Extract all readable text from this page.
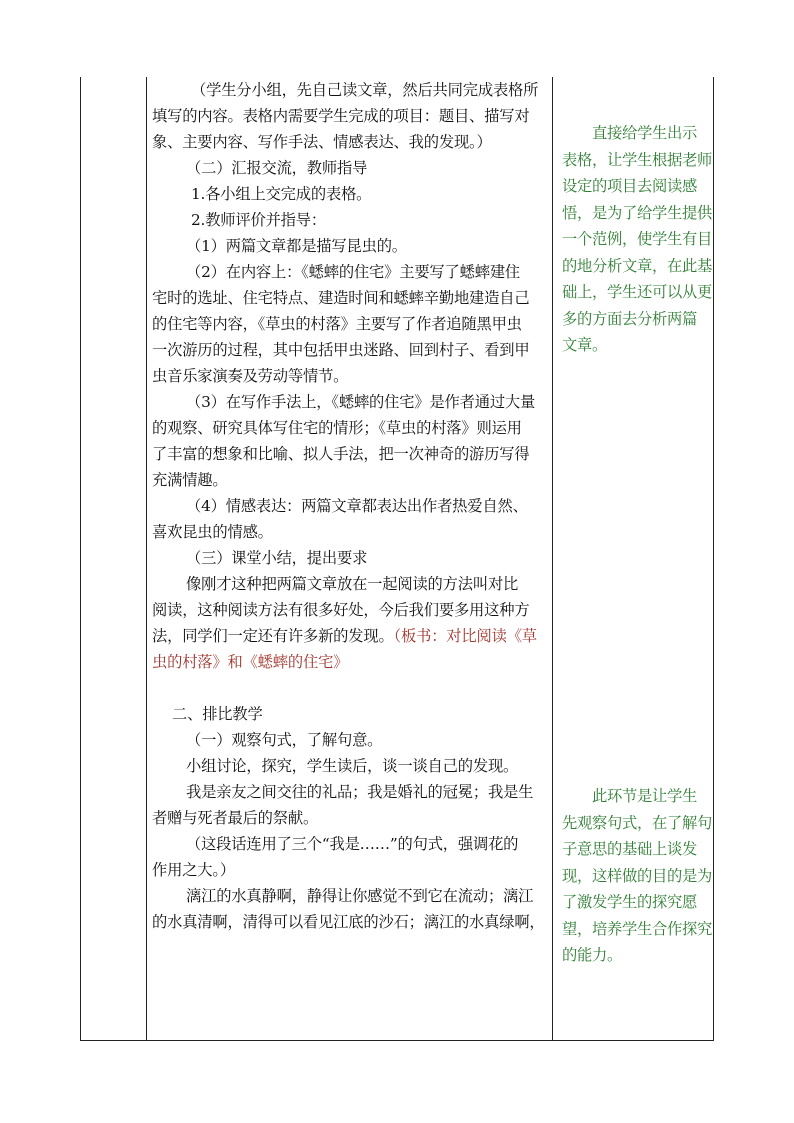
（学生分小组，先自己读文章，然后共同完成表格所

填写的内容。表格内需要学生完成的项目：题目、描写对

象、主要内容、写作手法、情感表达、我的发现。）

（二）汇报交流，教师指导

1.各小组上交完成的表格。

2.教师评价并指导：

（1）两篇文章都是描写昆虫的。

（2）在内容上：《蟋蟀的住宅》主要写了蟋蟀建住

宅时的选址、住宅特点、建造时间和蟋蟀辛勤地建造自己

的住宅等内容，《草虫的村落》主要写了作者追随黑甲虫

一次游历的过程，其中包括甲虫迷路、回到村子、看到甲

虫音乐家演奏及劳动等情节。

（3）在写作手法上，《蟋蟀的住宅》是作者通过大量

的观察、研究具体写住宅的情形；《草虫的村落》则运用

了丰富的想象和比喻、拟人手法，把一次神奇的游历写得

充满情趣。

（4）情感表达：两篇文章都表达出作者热爱自然、

喜欢昆虫的情感。

（三）课堂小结，提出要求

像刚才这种把两篇文章放在一起阅读的方法叫对比

阅读，这种阅读方法有很多好处，今后我们要多用这种方

法，同学们一定还有许多新的发现。（板书：对比阅读《草

虫的村落》和《蟋蟀的住宅》

二、排比教学

（一）观察句式，了解句意。

小组讨论，探究，学生读后，谈一谈自己的发现。

我是亲友之间交往的礼品；我是婚礼的冠冕；我是生

者赠与死者最后的祭献。

（这段话连用了三个“我是……”的句式，强调花的

作用之大。）

漓江的水真静啊，静得让你感觉不到它在流动；漓江

的水真清啊，清得可以看见江底的沙石；漓江的水真绿啊，

直接给学生出示

表格，让学生根据老师

设定的项目去阅读感

悟，是为了给学生提供

一个范例，使学生有目

的地分析文章，在此基

础上，学生还可以从更

多的方面去分析两篇

文章。

此环节是让学生

先观察句式，在了解句

子意思的基础上谈发

现，这样做的目的是为

了激发学生的探究愿

望，培养学生合作探究

的能力。
